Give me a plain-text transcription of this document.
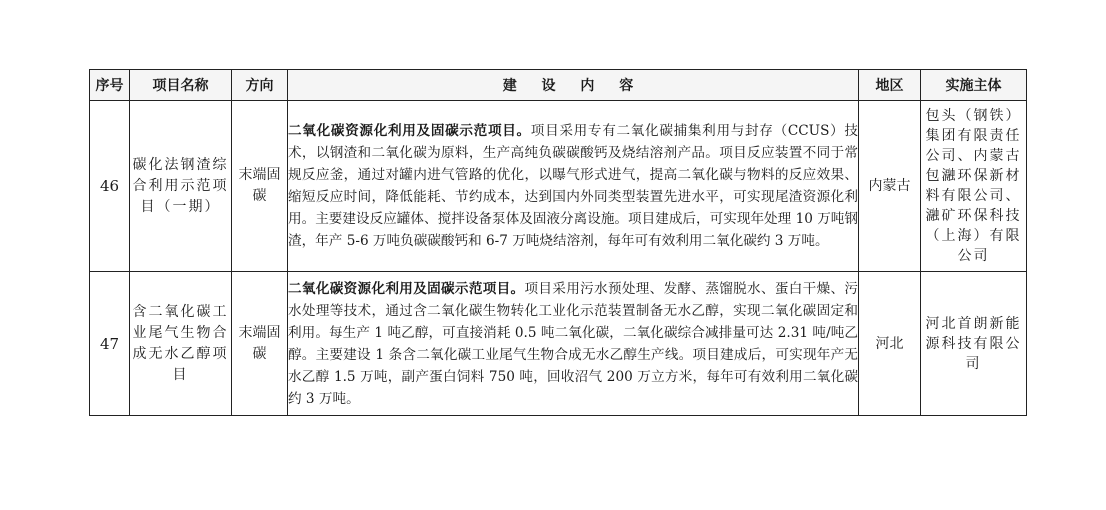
序号	项目名称	方向	建 设 内 容	地区	实施主体
46	碳化法钢渣综合利用示范项目（一期）	末端固碳	二氧化碳资源化利用及固碳示范项目。项目采用专有二氧化碳捕集利用与封存（CCUS）技术，以钢渣和二氧化碳为原料，生产高纯负碳碳酸钙及烧结溶剂产品。项目反应装置不同于常规反应釜，通过对罐内进气管路的优化，以曝气形式进气，提高二氧化碳与物料的反应效果、缩短反应时间，降低能耗、节约成本，达到国内外同类型装置先进水平，可实现尾渣资源化利用。主要建设反应罐体、搅拌设备泵体及固液分离设施。项目建成后，可实现年处理 10 万吨钢渣，年产 5-6 万吨负碳碳酸钙和 6-7 万吨烧结溶剂，每年可有效利用二氧化碳约 3 万吨。	内蒙古	包头（钢铁）集团有限责任公司、内蒙古包瀜环保新材料有限公司、瀜矿环保科技（上海）有限公司
47	含二氧化碳工业尾气生物合成无水乙醇项目	末端固碳	二氧化碳资源化利用及固碳示范项目。项目采用污水预处理、发酵、蒸馏脱水、蛋白干燥、污水处理等技术，通过含二氧化碳生物转化工业化示范装置制备无水乙醇，实现二氧化碳固定和利用。每生产 1 吨乙醇，可直接消耗 0.5 吨二氧化碳，二氧化碳综合减排量可达 2.31 吨/吨乙醇。主要建设 1 条含二氧化碳工业尾气生物合成无水乙醇生产线。项目建成后，可实现年产无水乙醇 1.5 万吨，副产蛋白饲料 750 吨，回收沼气 200 万立方米，每年可有效利用二氧化碳约 3 万吨。	河北	河北首朗新能源科技有限公司
